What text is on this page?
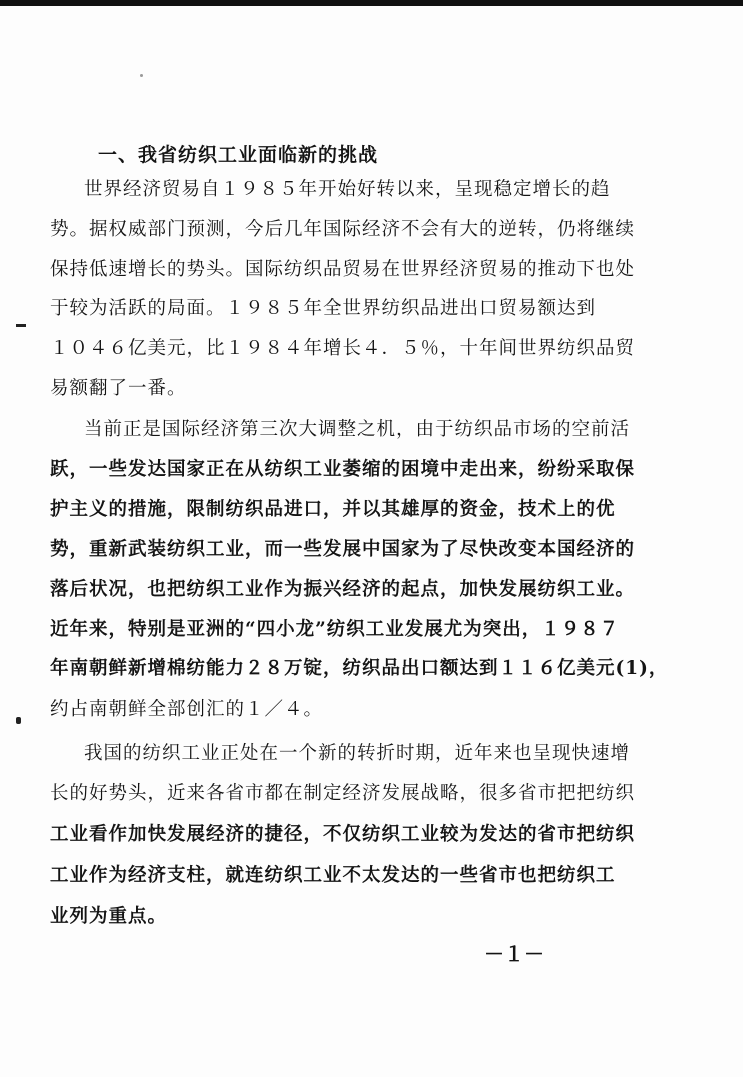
一、我省纺织工业面临新的挑战
世界经济贸易自１９８５年开始好转以来，呈现稳定增长的趋
势。据权威部门预测，今后几年国际经济不会有大的逆转，仍将继续
保持低速增长的势头。国际纺织品贸易在世界经济贸易的推动下也处
于较为活跃的局面。１９８５年全世界纺织品进出口贸易额达到
１０４６亿美元，比１９８４年增长４．５％，十年间世界纺织品贸
易额翻了一番。
当前正是国际经济第三次大调整之机，由于纺织品市场的空前活
跃，一些发达国家正在从纺织工业萎缩的困境中走出来，纷纷采取保
护主义的措施，限制纺织品进口，并以其雄厚的资金，技术上的优
势，重新武装纺织工业，而一些发展中国家为了尽快改变本国经济的
落后状况，也把纺织工业作为振兴经济的起点，加快发展纺织工业。
近年来，特别是亚洲的“四小龙”纺织工业发展尤为突出，１９８７
年南朝鲜新增棉纺能力２８万锭，纺织品出口额达到１１６亿美元(1)，
约占南朝鲜全部创汇的１／４。
我国的纺织工业正处在一个新的转折时期，近年来也呈现快速增
长的好势头，近来各省市都在制定经济发展战略，很多省市把把纺织
工业看作加快发展经济的捷径，不仅纺织工业较为发达的省市把纺织
工业作为经济支柱，就连纺织工业不太发达的一些省市也把纺织工
业列为重点。
－１－
